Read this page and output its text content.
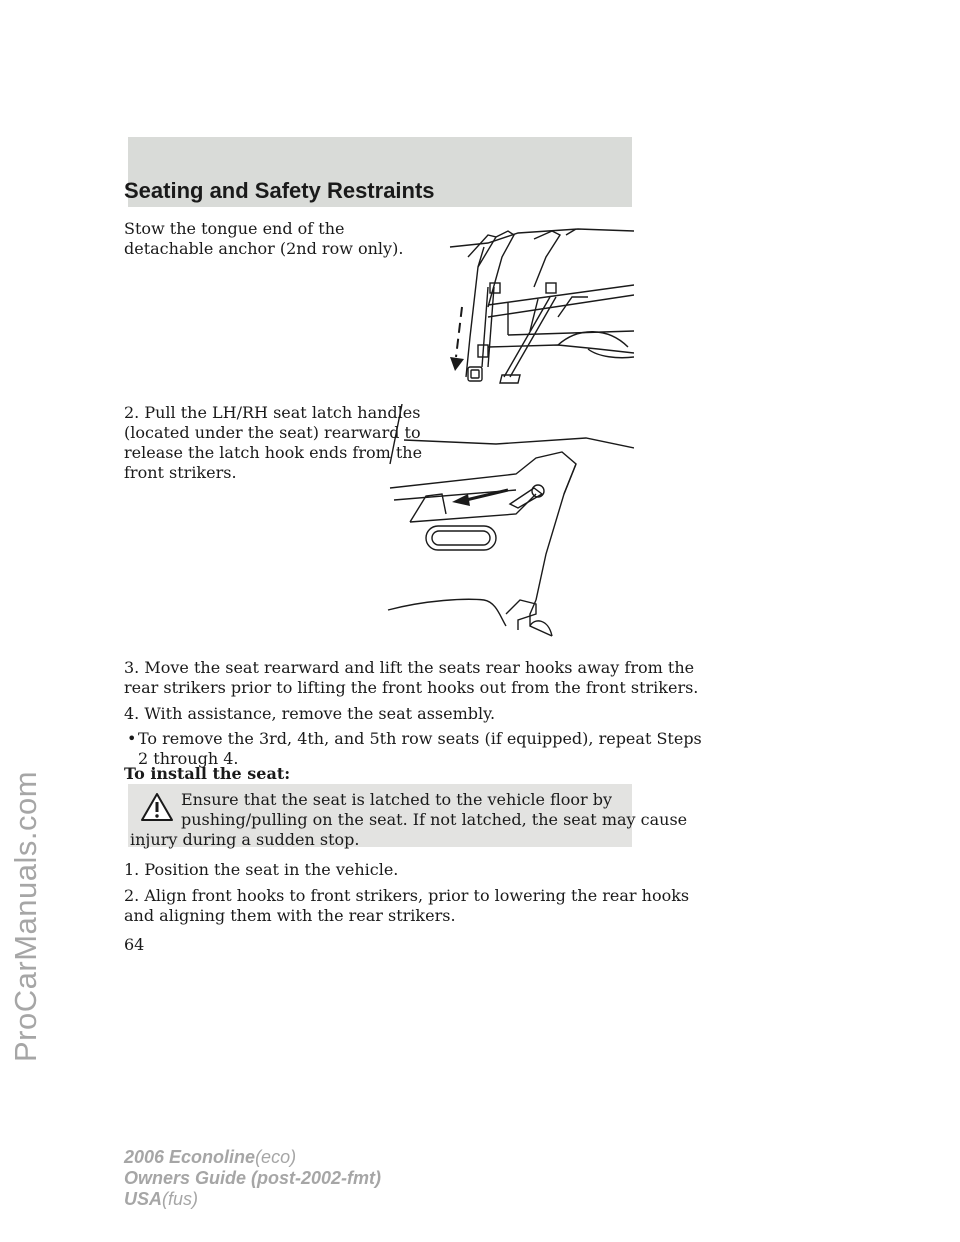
Seating and Safety Restraints
ProCarManuals.com
Stow the tongue end of the
detachable anchor (2nd row only).
2. Pull the LH/RH seat latch handles
(located under the seat) rearward to
release the latch hook ends from the
front strikers.
3. Move the seat rearward and lift the seats rear hooks away from the
rear strikers prior to lifting the front hooks out from the front strikers.
4. With assistance, remove the seat assembly.
• To remove the 3rd, 4th, and 5th row seats (if equipped), repeat Steps
2 through 4.
To install the seat:
Ensure that the seat is latched to the vehicle floor by
pushing/pulling on the seat. If not latched, the seat may cause
injury during a sudden stop.
1. Position the seat in the vehicle.
2. Align front hooks to front strikers, prior to lowering the rear hooks
and aligning them with the rear strikers.
64
2006 Econoline(eco)
Owners Guide (post-2002-fmt)
USA(fus)
